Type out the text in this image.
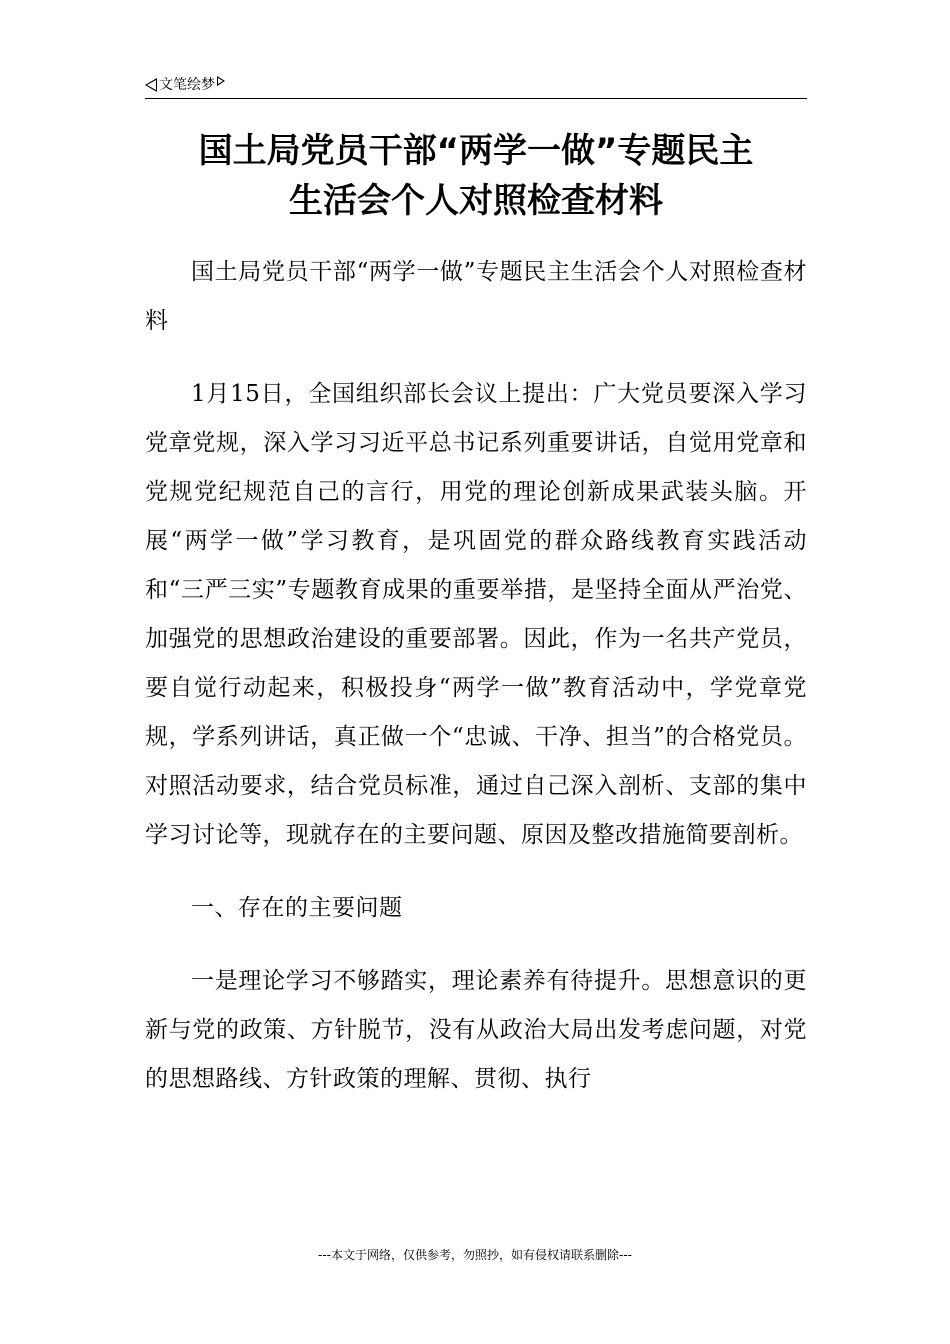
文笔绘梦
国土局党员干部“两学一做”专题民主
生活会个人对照检查材料

国土局党员干部“两学一做”专题民主生活会个人对照检查材料

1月15日，全国组织部长会议上提出：广大党员要深入学习党章党规，深入学习习近平总书记系列重要讲话，自觉用党章和党规党纪规范自己的言行，用党的理论创新成果武装头脑。开展“两学一做”学习教育，是巩固党的群众路线教育实践活动和“三严三实”专题教育成果的重要举措，是坚持全面从严治党、加强党的思想政治建设的重要部署。因此，作为一名共产党员，要自觉行动起来，积极投身“两学一做”教育活动中，学党章党规，学系列讲话，真正做一个“忠诚、干净、担当”的合格党员。对照活动要求，结合党员标准，通过自己深入剖析、支部的集中学习讨论等，现就存在的主要问题、原因及整改措施简要剖析。

一、存在的主要问题

一是理论学习不够踏实，理论素养有待提升。思想意识的更新与党的政策、方针脱节，没有从政治大局出发考虑问题，对党的思想路线、方针政策的理解、贯彻、执行

---本文于网络，仅供参考，勿照抄，如有侵权请联系删除---
